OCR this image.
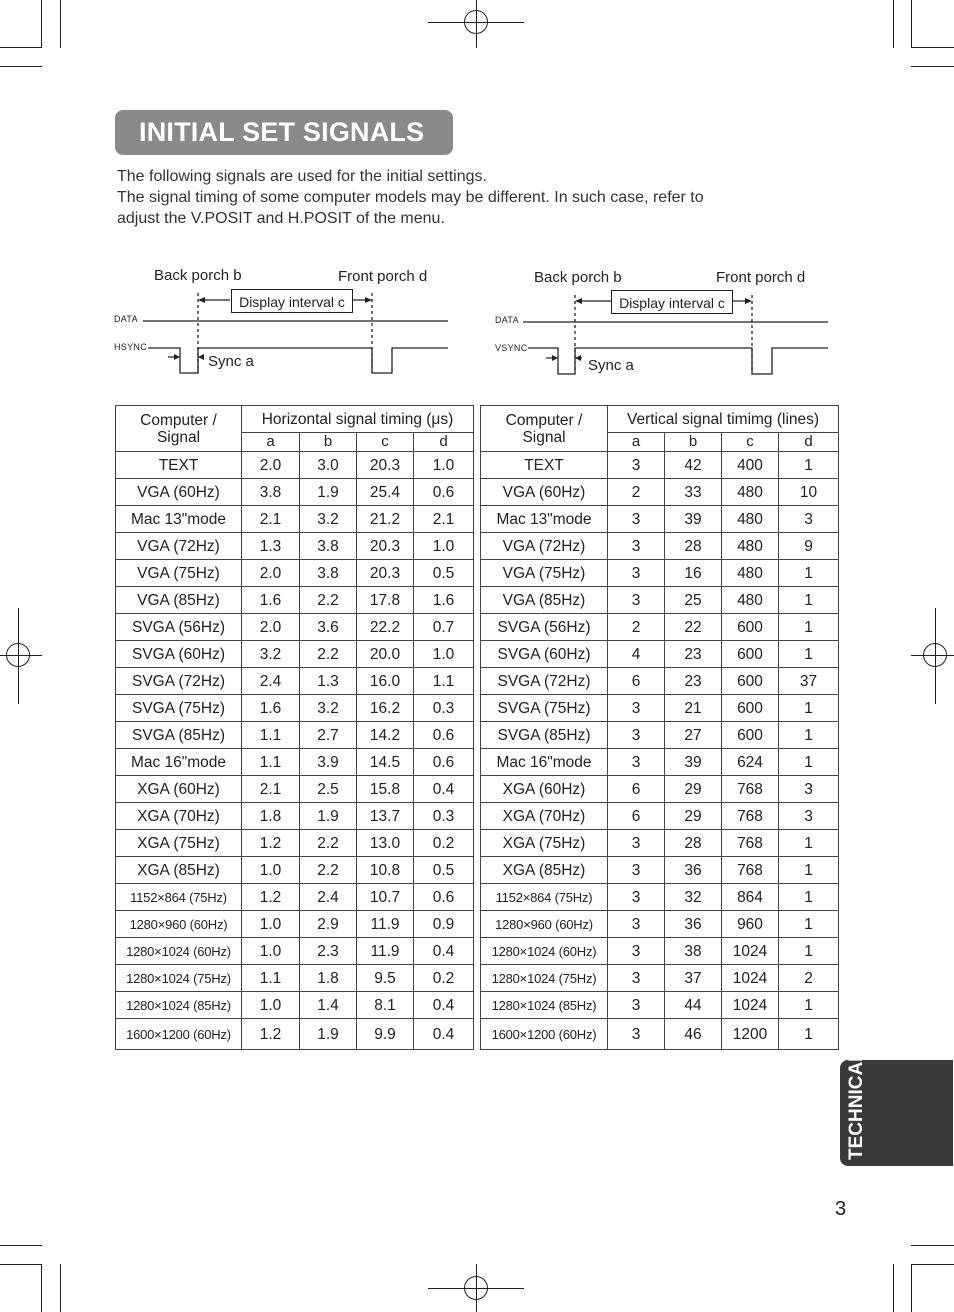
INITIAL SET SIGNALS
The following signals are used for the initial settings.
The signal timing of some computer models may be different. In such case, refer to
adjust the V.POSIT and H.POSIT of the menu.
Back porch b	Front porch d
Display interval c
DATA
HSYNC
Sync a
Back porch b	Front porch d
Display interval c
DATA
VSYNC
Sync a
Computer / Signal	Horizontal signal timing (μs)			
	a	b	c	d
TEXT	2.0	3.0	20.3	1.0
VGA (60Hz)	3.8	1.9	25.4	0.6
Mac 13"mode	2.1	3.2	21.2	2.1
VGA (72Hz)	1.3	3.8	20.3	1.0
VGA (75Hz)	2.0	3.8	20.3	0.5
VGA (85Hz)	1.6	2.2	17.8	1.6
SVGA (56Hz)	2.0	3.6	22.2	0.7
SVGA (60Hz)	3.2	2.2	20.0	1.0
SVGA (72Hz)	2.4	1.3	16.0	1.1
SVGA (75Hz)	1.6	3.2	16.2	0.3
SVGA (85Hz)	1.1	2.7	14.2	0.6
Mac 16"mode	1.1	3.9	14.5	0.6
XGA (60Hz)	2.1	2.5	15.8	0.4
XGA (70Hz)	1.8	1.9	13.7	0.3
XGA (75Hz)	1.2	2.2	13.0	0.2
XGA (85Hz)	1.0	2.2	10.8	0.5
1152×864 (75Hz)	1.2	2.4	10.7	0.6
1280×960 (60Hz)	1.0	2.9	11.9	0.9
1280×1024 (60Hz)	1.0	2.3	11.9	0.4
1280×1024 (75Hz)	1.1	1.8	9.5	0.2
1280×1024 (85Hz)	1.0	1.4	8.1	0.4
1600×1200 (60Hz)	1.2	1.9	9.9	0.4
Computer / Signal	Vertical signal timimg (lines)			
	a	b	c	d
TEXT	3	42	400	1
VGA (60Hz)	2	33	480	10
Mac 13"mode	3	39	480	3
VGA (72Hz)	3	28	480	9
VGA (75Hz)	3	16	480	1
VGA (85Hz)	3	25	480	1
SVGA (56Hz)	2	22	600	1
SVGA (60Hz)	4	23	600	1
SVGA (72Hz)	6	23	600	37
SVGA (75Hz)	3	21	600	1
SVGA (85Hz)	3	27	600	1
Mac 16"mode	3	39	624	1
XGA (60Hz)	6	29	768	3
XGA (70Hz)	6	29	768	3
XGA (75Hz)	3	28	768	1
XGA (85Hz)	3	36	768	1
1152×864 (75Hz)	3	32	864	1
1280×960 (60Hz)	3	36	960	1
1280×1024 (60Hz)	3	38	1024	1
1280×1024 (75Hz)	3	37	1024	2
1280×1024 (85Hz)	3	44	1024	1
1600×1200 (60Hz)	3	46	1200	1
TECHNICAL
3
